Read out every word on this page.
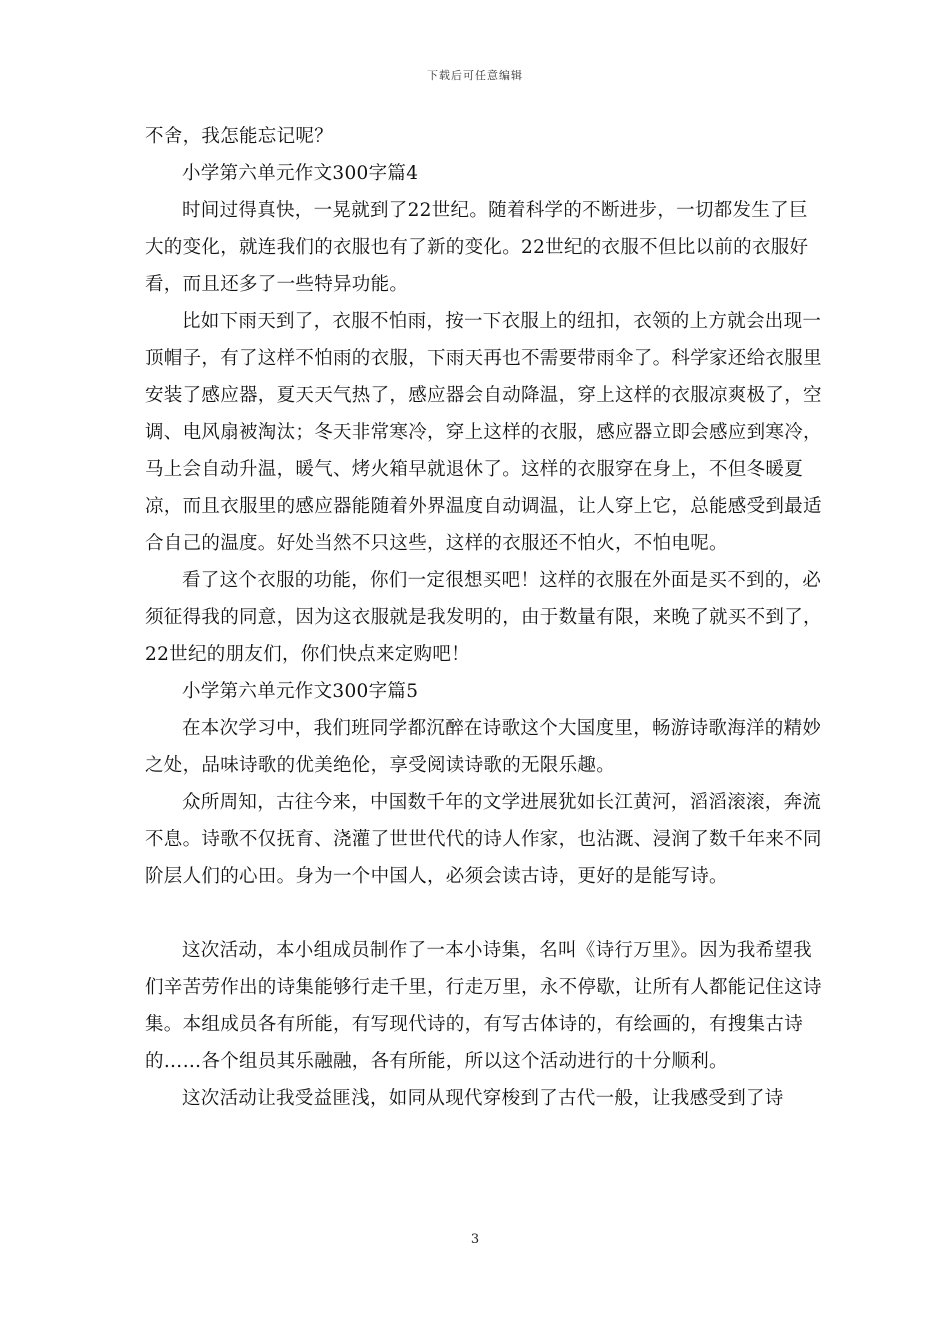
下载后可任意编辑

不舍，我怎能忘记呢？

小学第六单元作文300字篇4

时间过得真快，一晃就到了22世纪。随着科学的不断进步，一切都发生了巨大的变化，就连我们的衣服也有了新的变化。22世纪的衣服不但比以前的衣服好看，而且还多了一些特异功能。

比如下雨天到了，衣服不怕雨，按一下衣服上的纽扣，衣领的上方就会出现一顶帽子，有了这样不怕雨的衣服，下雨天再也不需要带雨伞了。科学家还给衣服里安装了感应器，夏天天气热了，感应器会自动降温，穿上这样的衣服凉爽极了，空调、电风扇被淘汰；冬天非常寒冷，穿上这样的衣服，感应器立即会感应到寒冷，马上会自动升温，暖气、烤火箱早就退休了。这样的衣服穿在身上，不但冬暖夏凉，而且衣服里的感应器能随着外界温度自动调温，让人穿上它，总能感受到最适合自己的温度。好处当然不只这些，这样的衣服还不怕火，不怕电呢。

看了这个衣服的功能，你们一定很想买吧！这样的衣服在外面是买不到的，必须征得我的同意，因为这衣服就是我发明的，由于数量有限，来晚了就买不到了，22世纪的朋友们，你们快点来定购吧！

小学第六单元作文300字篇5

在本次学习中，我们班同学都沉醉在诗歌这个大国度里，畅游诗歌海洋的精妙之处，品味诗歌的优美绝伦，享受阅读诗歌的无限乐趣。

众所周知，古往今来，中国数千年的文学进展犹如长江黄河，滔滔滚滚，奔流不息。诗歌不仅抚育、浇灌了世世代代的诗人作家，也沾溉、浸润了数千年来不同阶层人们的心田。身为一个中国人，必须会读古诗，更好的是能写诗。

这次活动，本小组成员制作了一本小诗集，名叫《诗行万里》。因为我希望我们辛苦劳作出的诗集能够行走千里，行走万里，永不停歇，让所有人都能记住这诗集。本组成员各有所能，有写现代诗的，有写古体诗的，有绘画的，有搜集古诗的……各个组员其乐融融，各有所能，所以这个活动进行的十分顺利。

这次活动让我受益匪浅，如同从现代穿梭到了古代一般，让我感受到了诗

3
